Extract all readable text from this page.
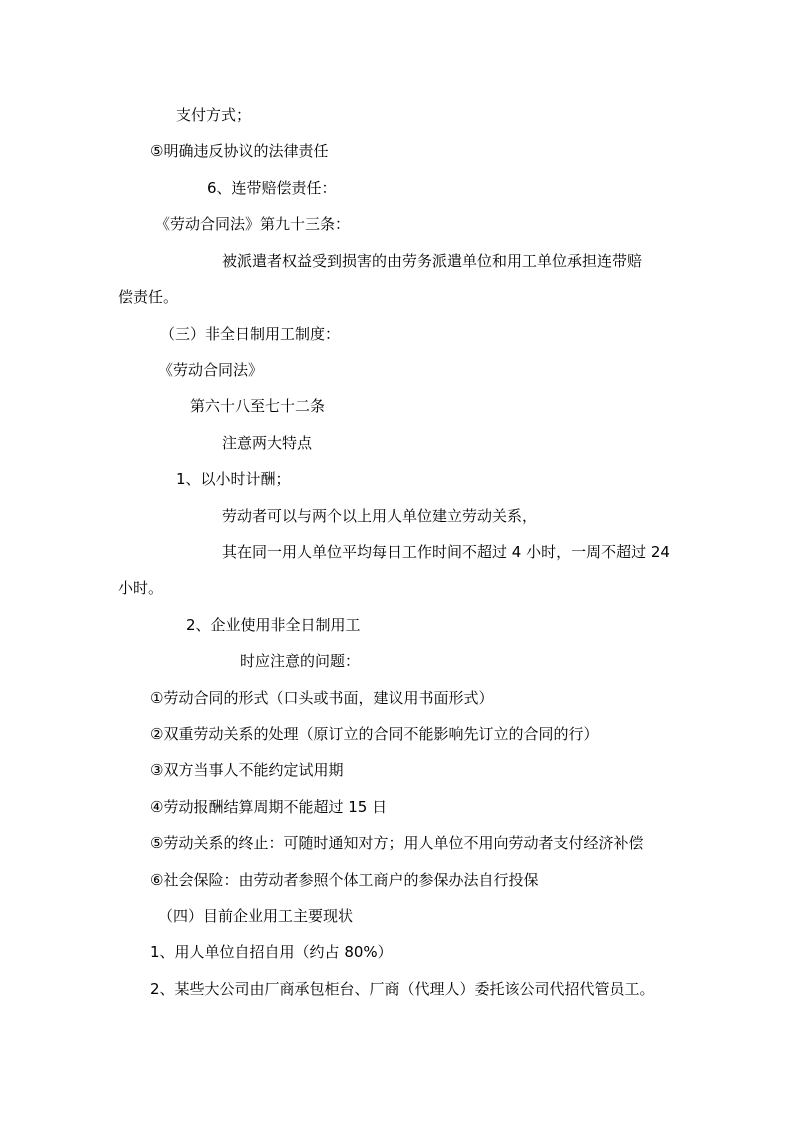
支付方式；

⑤明确违反协议的法律责任

6、连带赔偿责任：

《劳动合同法》第九十三条：

被派遣者权益受到损害的由劳务派遣单位和用工单位承担连带赔

偿责任。

（三）非全日制用工制度：

《劳动合同法》

第六十八至七十二条

注意两大特点

1、以小时计酬；

劳动者可以与两个以上用人单位建立劳动关系，

其在同一用人单位平均每日工作时间不超过 4 小时，一周不超过 24

小时。

2、企业使用非全日制用工

时应注意的问题：

①劳动合同的形式（口头或书面，建议用书面形式）

②双重劳动关系的处理（原订立的合同不能影响先订立的合同的行）

③双方当事人不能约定试用期

④劳动报酬结算周期不能超过 15 日

⑤劳动关系的终止：可随时通知对方；用人单位不用向劳动者支付经济补偿

⑥社会保险：由劳动者参照个体工商户的参保办法自行投保

（四）目前企业用工主要现状

1、用人单位自招自用（约占 80%）

2、某些大公司由厂商承包柜台、厂商（代理人）委托该公司代招代管员工。
